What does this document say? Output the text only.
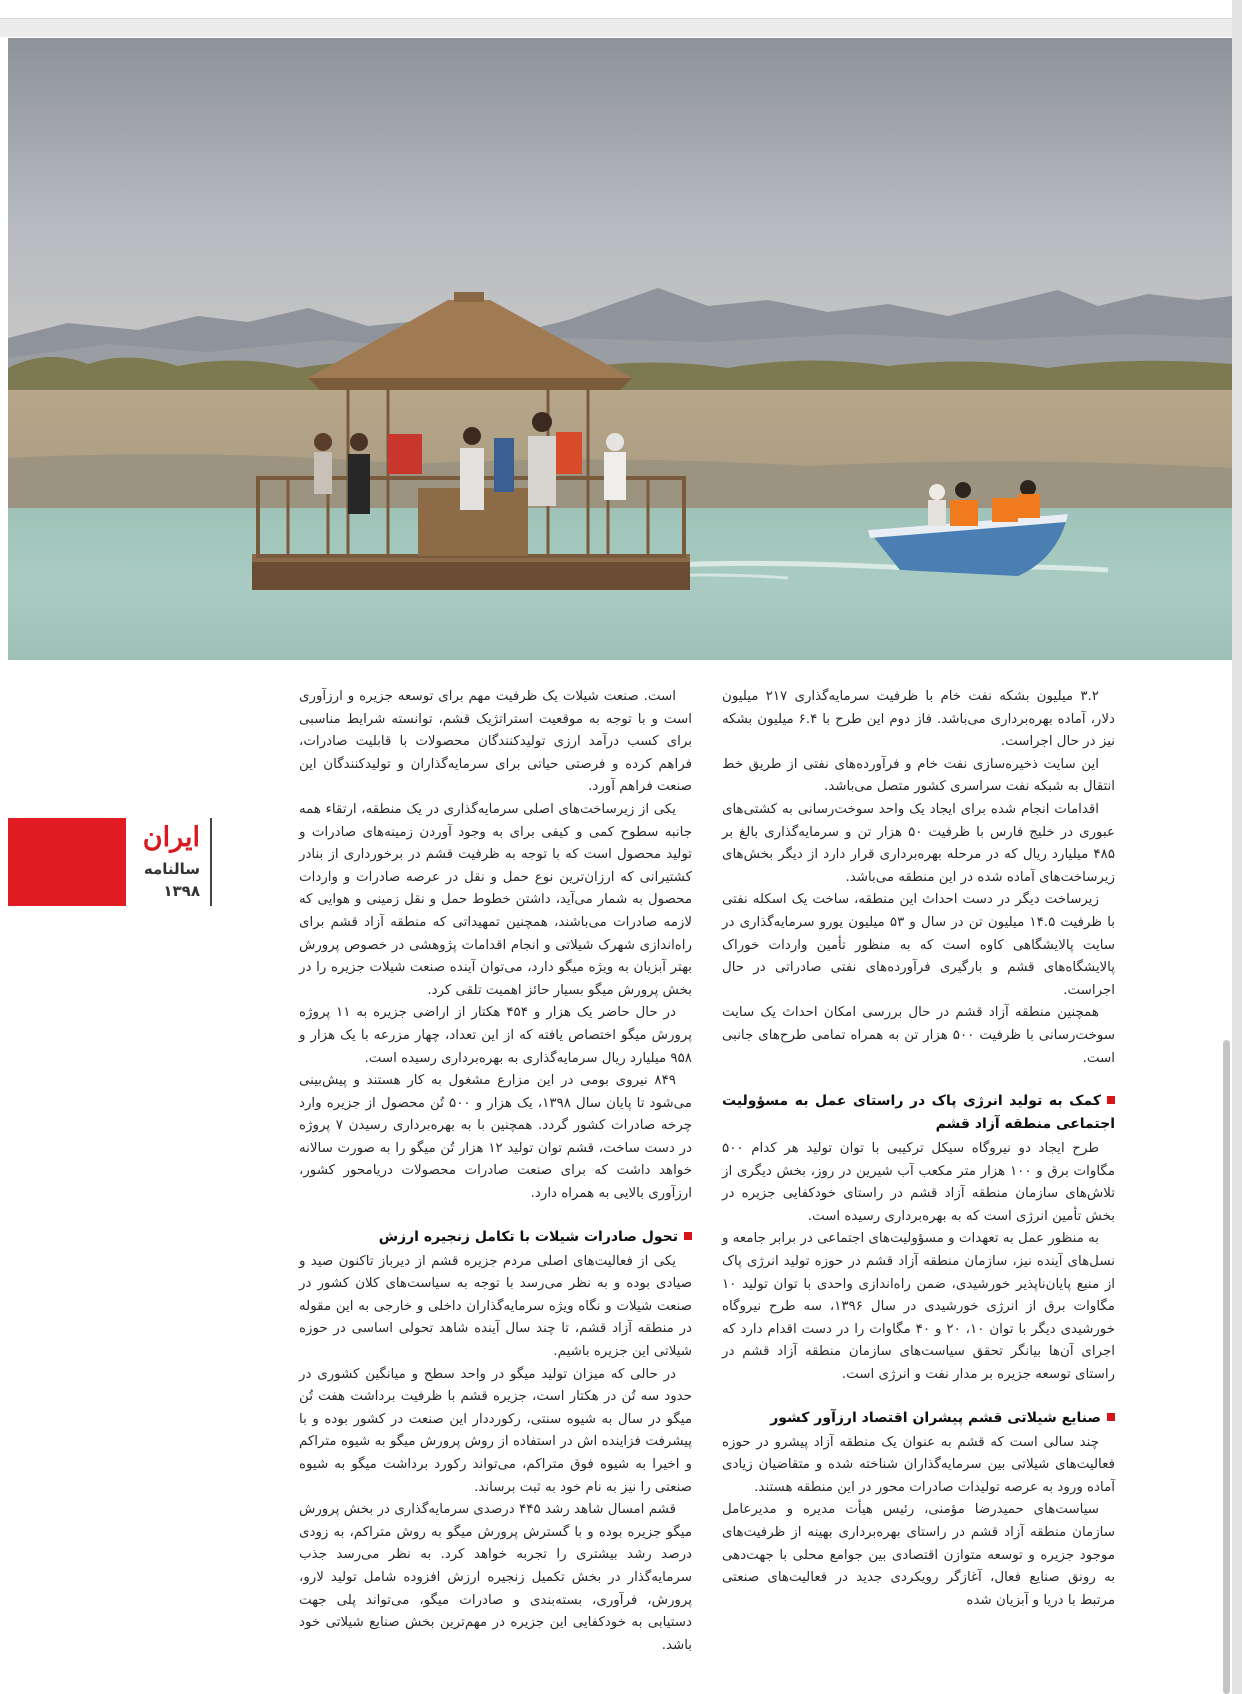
ایران
سالنامه
۱۳۹۸

۳.۲ میلیون بشکه نفت خام با ظرفیت سرمایه‌گذاری ۲۱۷ میلیون دلار، آماده بهره‌برداری می‌باشد. فاز دوم این طرح با ۶.۴ میلیون بشکه نیز در حال اجراست.

این سایت ذخیره‌سازی نفت خام و فرآورده‌های نفتی از طریق خط انتقال به شبکه نفت سراسری کشور متصل می‌باشد.

اقدامات انجام شده برای ایجاد یک واحد سوخت‌رسانی به کشتی‌های عبوری در خلیج فارس با ظرفیت ۵۰ هزار تن و سرمایه‌گذاری بالغ بر ۴۸۵ میلیارد ریال که در مرحله بهره‌برداری قرار دارد از دیگر بخش‌های زیرساخت‌های آماده شده در این منطقه می‌باشد.

زیرساخت دیگر در دست احداث این منطقه، ساخت یک اسکله نفتی با ظرفیت ۱۴.۵ میلیون تن در سال و ۵۳ میلیون یورو سرمایه‌گذاری در سایت پالایشگاهی کاوه است که به منظور تأمین واردات خوراک پالایشگاه‌های قشم و بارگیری فرآورده‌های نفتی صادراتی در حال اجراست.

همچنین منطقه آزاد قشم در حال بررسی امکان احداث یک سایت سوخت‌رسانی با ظرفیت ۵۰۰ هزار تن به همراه تمامی طرح‌های جانبی است.

کمک به تولید انرژی پاک در راستای عمل به مسؤولیت اجتماعی منطقه آزاد قشم

طرح ایجاد دو نیروگاه سیکل ترکیبی با توان تولید هر کدام ۵۰۰ مگاوات برق و ۱۰۰ هزار متر مکعب آب شیرین در روز، بخش دیگری از تلاش‌های سازمان منطقه آزاد قشم در راستای خودکفایی جزیره در بخش تأمین انرژی است که به بهره‌برداری رسیده است.

به منظور عمل به تعهدات و مسؤولیت‌های اجتماعی در برابر جامعه و نسل‌های آینده نیز، سازمان منطقه آزاد قشم در حوزه تولید انرژی پاک از منبع پایان‌ناپذیر خورشیدی، ضمن راه‌اندازی واحدی با توان تولید ۱۰ مگاوات برق از انرژی خورشیدی در سال ۱۳۹۶، سه طرح نیروگاه خورشیدی دیگر با توان ۱۰، ۲۰ و ۴۰ مگاوات را در دست اقدام دارد که اجرای آن‌ها بیانگر تحقق سیاست‌های سازمان منطقه آزاد قشم در راستای توسعه جزیره بر مدار نفت و انرژی است.

صنایع شیلاتی قشم پیشران اقتصاد ارزآور کشور

چند سالی است که قشم به عنوان یک منطقه آزاد پیشرو در حوزه فعالیت‌های شیلاتی بین سرمایه‌گذاران شناخته شده و متقاضیان زیادی آماده ورود به عرصه تولیدات صادرات محور در این منطقه هستند.

سیاست‌های حمیدرضا مؤمنی، رئیس هیأت مدیره و مدیرعامل سازمان منطقه آزاد قشم در راستای بهره‌برداری بهینه از ظرفیت‌های موجود جزیره و توسعه متوازن اقتصادی بین جوامع محلی با جهت‌دهی به رونق صنایع فعال، آغازگر رویکردی جدید در فعالیت‌های صنعتی مرتبط با دریا و آبزیان شده

است. صنعت شیلات یک ظرفیت مهم برای توسعه جزیره و ارزآوری است و با توجه به موقعیت استراتژیک قشم، توانسته شرایط مناسبی برای کسب درآمد ارزی تولیدکنندگان محصولات با قابلیت صادرات، فراهم کرده و فرصتی حیاتی برای سرمایه‌گذاران و تولیدکنندگان این صنعت فراهم آورد.

یکی از زیرساخت‌های اصلی سرمایه‌گذاری در یک منطقه، ارتقاء همه جانبه سطوح کمی و کیفی برای به وجود آوردن زمینه‌های صادرات و تولید محصول است که با توجه به ظرفیت قشم در برخورداری از بنادر کشتیرانی که ارزان‌ترین نوع حمل و نقل در عرصه صادرات و واردات محصول به شمار می‌آید، داشتن خطوط حمل و نقل زمینی و هوایی که لازمه صادرات می‌باشند، همچنین تمهیداتی که منطقه آزاد قشم برای راه‌اندازی شهرک شیلاتی و انجام اقدامات پژوهشی در خصوص پرورش بهتر آبزیان به ویژه میگو دارد، می‌توان آینده صنعت شیلات جزیره را در بخش پرورش میگو بسیار حائز اهمیت تلقی کرد.

در حال حاضر یک هزار و ۴۵۴ هکتار از اراضی جزیره به ۱۱ پروژه پرورش میگو اختصاص یافته که از این تعداد، چهار مزرعه با یک هزار و ۹۵۸ میلیارد ریال سرمایه‌گذاری به بهره‌برداری رسیده است.

۸۴۹ نیروی بومی در این مزارع مشغول به کار هستند و پیش‌بینی می‌شود تا پایان سال ۱۳۹۸، یک هزار و ۵۰۰ تُن محصول از جزیره وارد چرخه صادرات کشور گردد. همچنین با به بهره‌برداری رسیدن ۷ پروژه در دست ساخت، قشم توان تولید ۱۲ هزار تُن میگو را به صورت سالانه خواهد داشت که برای صنعت صادرات محصولات دریامحور کشور، ارزآوری بالایی به همراه دارد.

تحول صادرات شیلات با تکامل زنجیره ارزش

یکی از فعالیت‌های اصلی مردم جزیره قشم از دیرباز تاکنون صید و صیادی بوده و به نظر می‌رسد با توجه به سیاست‌های کلان کشور در صنعت شیلات و نگاه ویژه سرمایه‌گذاران داخلی و خارجی به این مقوله در منطقه آزاد قشم، تا چند سال آینده شاهد تحولی اساسی در حوزه شیلاتی این جزیره باشیم.

در حالی که میزان تولید میگو در واحد سطح و میانگین کشوری در حدود سه تُن در هکتار است، جزیره قشم با ظرفیت برداشت هفت تُن میگو در سال به شیوه سنتی، رکورددار این صنعت در کشور بوده و با پیشرفت فزاینده اش در استفاده از روش پرورش میگو به شیوه متراکم و اخیرا به شیوه فوق متراکم، می‌تواند رکورد برداشت میگو به شیوه صنعتی را نیز به نام خود به ثبت برساند.

قشم امسال شاهد رشد ۴۴۵ درصدی سرمایه‌گذاری در بخش پرورش میگو جزیره بوده و با گسترش پرورش میگو به روش متراکم، به زودی درصد رشد بیشتری را تجربه خواهد کرد. به نظر می‌رسد جذب سرمایه‌گذار در بخش تکمیل زنجیره ارزش افزوده شامل تولید لارو، پرورش، فرآوری، بسته‌بندی و صادرات میگو، می‌تواند پلی جهت دستیابی به خودکفایی این جزیره در مهم‌ترین بخش صنایع شیلاتی خود باشد.
